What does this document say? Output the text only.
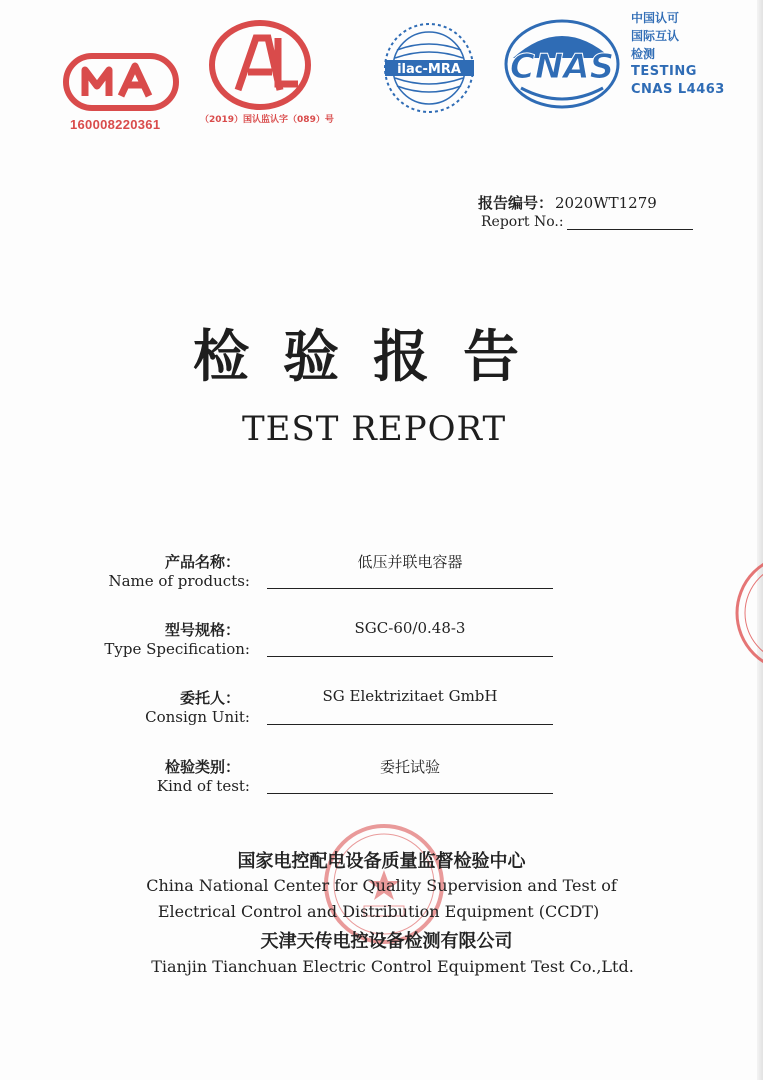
160008220361	（2019）国认监认字（089）号
ilac-MRA CNAS
中国认可
国际互认
检测
TESTING
CNAS L4463
报告编号： 2020WT1279
Report No.:
检验报告
TEST REPORT
产品名称：
Name of products:
低压并联电容器
型号规格：
Type Specification:
SGC-60/0.48-3
委托人：
Consign Unit:
SG Elektrizitaet GmbH
检验类别：
Kind of test:
委托试验
国家电控配电设备质量监督检验中心
China National Center for Quality Supervision and Test of
Electrical Control and Distribution Equipment (CCDT)
天津天传电控设备检测有限公司
Tianjin Tianchuan Electric Control Equipment Test Co.,Ltd.
